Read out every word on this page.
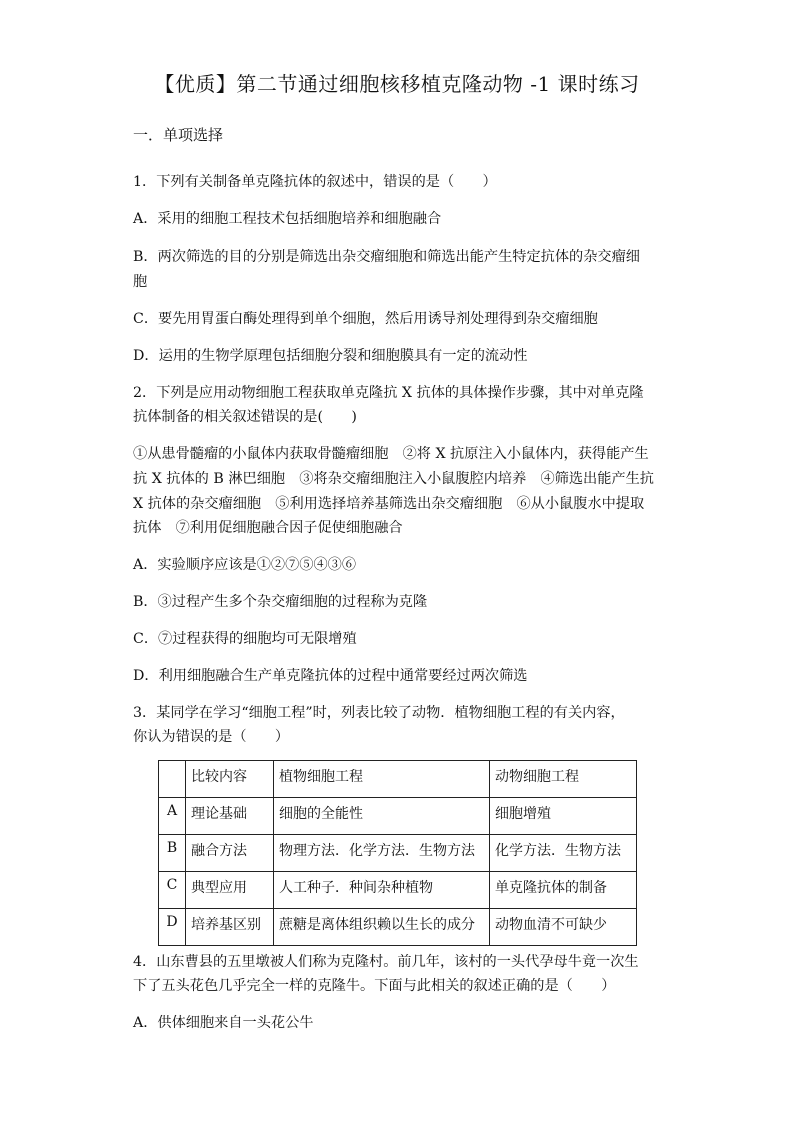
【优质】第二节通过细胞核移植克隆动物 -1 课时练习
一．单项选择
1．下列有关制备单克隆抗体的叙述中，错误的是（　　）
A．采用的细胞工程技术包括细胞培养和细胞融合
B．两次筛选的目的分别是筛选出杂交瘤细胞和筛选出能产生特定抗体的杂交瘤细
胞
C．要先用胃蛋白酶处理得到单个细胞，然后用诱导剂处理得到杂交瘤细胞
D．运用的生物学原理包括细胞分裂和细胞膜具有一定的流动性
2．下列是应用动物细胞工程获取单克隆抗 X 抗体的具体操作步骤，其中对单克隆
抗体制备的相关叙述错误的是(　　)
①从患骨髓瘤的小鼠体内获取骨髓瘤细胞　②将 X 抗原注入小鼠体内，获得能产生
抗 X 抗体的 B 淋巴细胞　③将杂交瘤细胞注入小鼠腹腔内培养　④筛选出能产生抗
X 抗体的杂交瘤细胞　⑤利用选择培养基筛选出杂交瘤细胞　⑥从小鼠腹水中提取
抗体　⑦利用促细胞融合因子促使细胞融合
A．实验顺序应该是①②⑦⑤④③⑥
B．③过程产生多个杂交瘤细胞的过程称为克隆
C．⑦过程获得的细胞均可无限增殖
D．利用细胞融合生产单克隆抗体的过程中通常要经过两次筛选
3．某同学在学习“细胞工程”时，列表比较了动物．植物细胞工程的有关内容，
你认为错误的是（　　）
	比较内容	植物细胞工程	动物细胞工程
A	理论基础	细胞的全能性	细胞增殖
B	融合方法	物理方法．化学方法．生物方法	化学方法．生物方法
C	典型应用	人工种子．种间杂种植物	单克隆抗体的制备
D	培养基区别	蔗糖是离体组织赖以生长的成分	动物血清不可缺少
4．山东曹县的五里墩被人们称为克隆村。前几年，该村的一头代孕母牛竟一次生
下了五头花色几乎完全一样的克隆牛。下面与此相关的叙述正确的是（　　）
A．供体细胞来自一头花公牛
